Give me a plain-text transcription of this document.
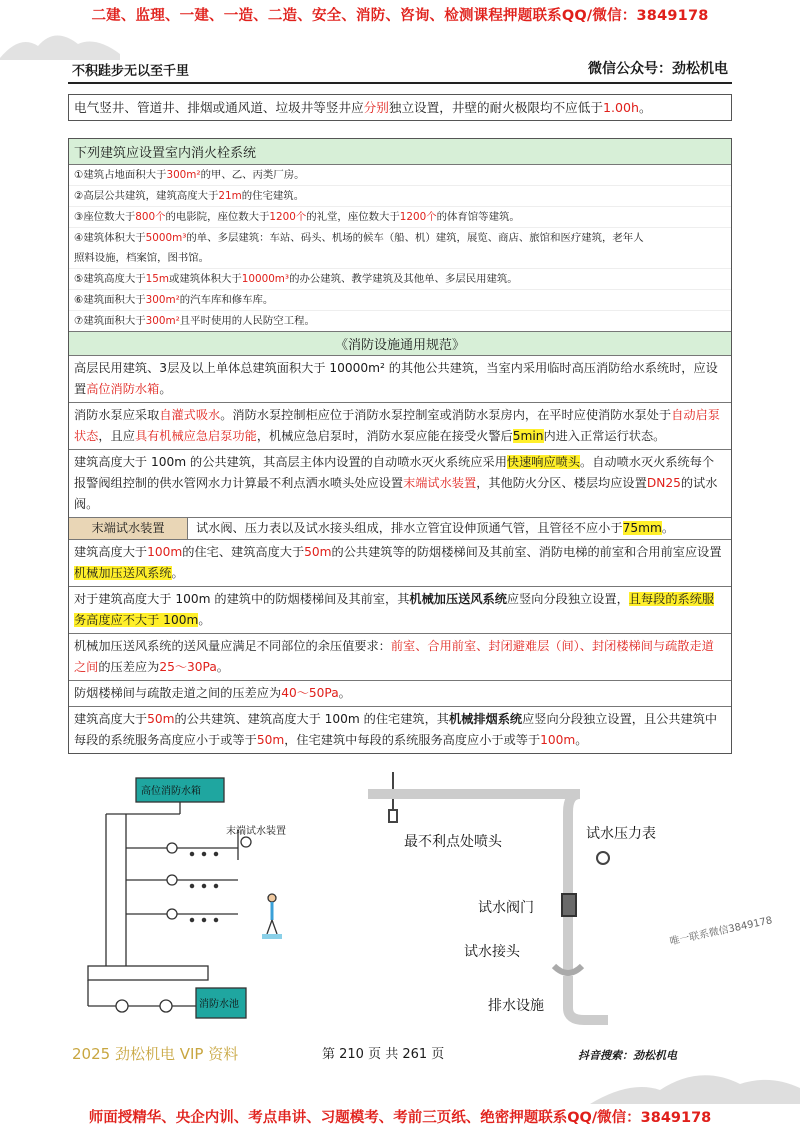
二建、监理、一建、一造、二造、安全、消防、咨询、检测课程押题联系QQ/微信：3849178
不积跬步无以至千里	微信公众号：劲松机电
电气竖井、管道井、排烟或通风道、垃圾井等竖井应分别独立设置，井壁的耐火极限均不应低于1.00h。
下列建筑应设置室内消火栓系统
①建筑占地面积大于300m²的甲、乙、丙类厂房。
②高层公共建筑，建筑高度大于21m的住宅建筑。
③座位数大于800个的电影院，座位数大于1200个的礼堂，座位数大于1200个的体育馆等建筑。
④建筑体积大于5000m³的单、多层建筑：车站、码头、机场的候车（船、机）建筑，展览、商店、旅馆和医疗建筑，老年人
照料设施，档案馆，图书馆。
⑤建筑高度大于15m或建筑体积大于10000m³的办公建筑、教学建筑及其他单、多层民用建筑。
⑥建筑面积大于300m²的汽车库和修车库。
⑦建筑面积大于300m²且平时使用的人民防空工程。
《消防设施通用规范》
高层民用建筑、3层及以上单体总建筑面积大于 10000m² 的其他公共建筑，当室内采用临时高压消防给水系统时，应设置高位消防水箱。
消防水泵应采取自灌式吸水。消防水泵控制柜应位于消防水泵控制室或消防水泵房内，在平时应使消防水泵处于自动启泵状态，且应具有机械应急启泵功能，机械应急启泵时，消防水泵应能在接受火警后5min内进入正常运行状态。
建筑高度大于 100m 的公共建筑，其高层主体内设置的自动喷水灭火系统应采用快速响应喷头。自动喷水灭火系统每个报警阀组控制的供水管网水力计算最不利点洒水喷头处应设置末端试水装置，其他防火分区、楼层均应设置DN25的试水阀。
末端试水装置	试水阀、压力表以及试水接头组成，排水立管宜设伸顶通气管，且管径不应小于75mm。
建筑高度大于100m的住宅、建筑高度大于50m的公共建筑等的防烟楼梯间及其前室、消防电梯的前室和合用前室应设置机械加压送风系统。
对于建筑高度大于 100m 的建筑中的防烟楼梯间及其前室，其机械加压送风系统应竖向分段独立设置，且每段的系统服务高度应不大于 100m。
机械加压送风系统的送风量应满足不同部位的余压值要求：前室、合用前室、封闭避难层（间）、封闭楼梯间与疏散走道之间的压差应为25～30Pa。
防烟楼梯间与疏散走道之间的压差应为40～50Pa。
建筑高度大于50m的公共建筑、建筑高度大于 100m 的住宅建筑，其机械排烟系统应竖向分段独立设置，且公共建筑中每段的系统服务高度应小于或等于50m，住宅建筑中每段的系统服务高度应小于或等于100m。
高位消防水箱
末端试水装置
消防水池
最不利点处喷头	试水压力表
试水阀门
试水接头
排水设施
唯一联系微信3849178
2025 劲松机电 VIP 资料	第 210 页 共 261 页	抖音搜索：劲松机电
师面授精华、央企内训、考点串讲、习题模考、考前三页纸、绝密押题联系QQ/微信：3849178
